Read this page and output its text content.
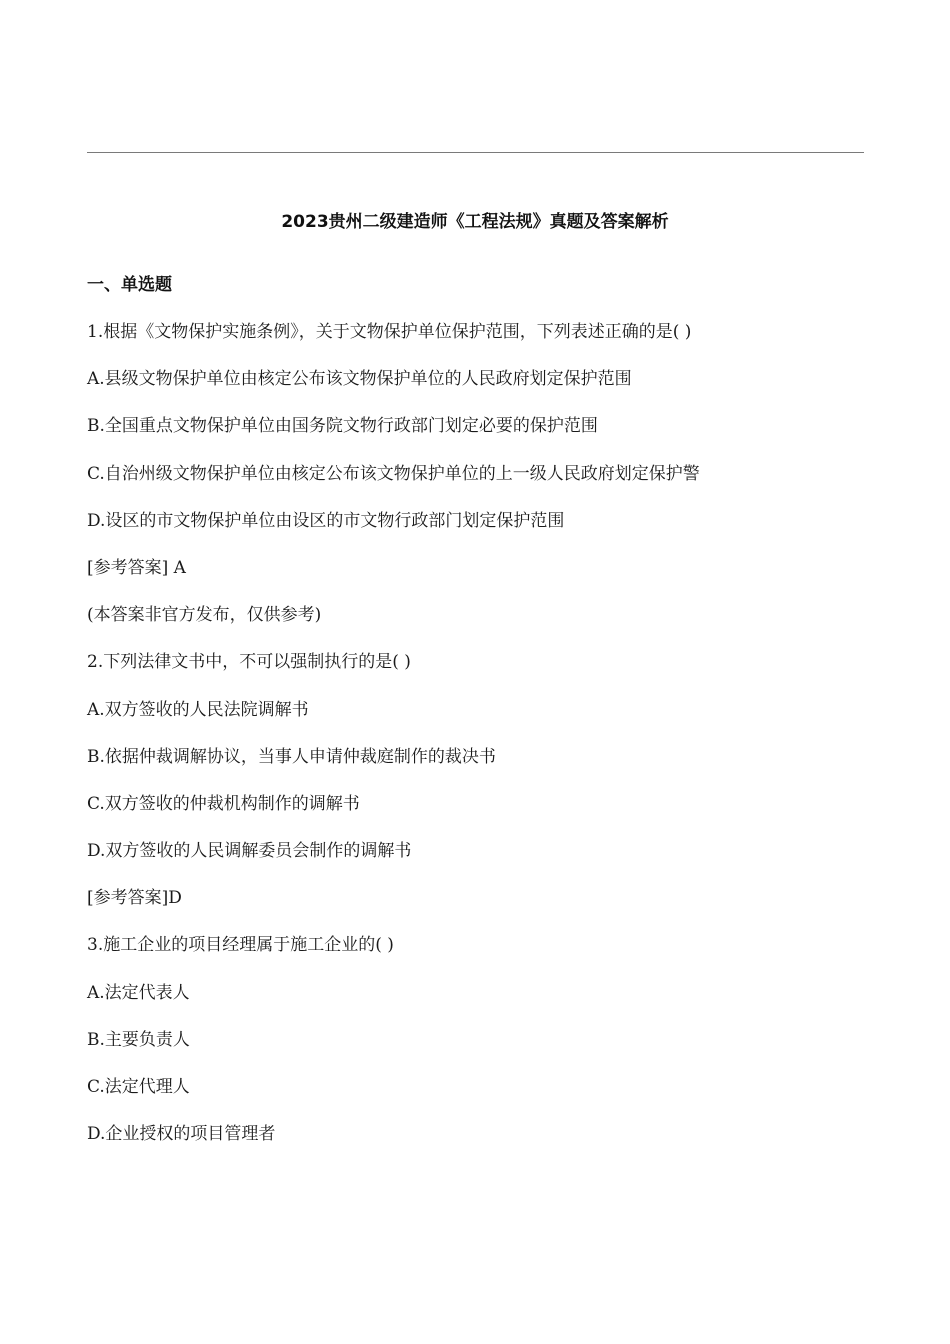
2023贵州二级建造师《工程法规》真题及答案解析
一、单选题
1.根据《文物保护实施条例》，关于文物保护单位保护范围，下列表述正确的是( )
A.县级文物保护单位由核定公布该文物保护单位的人民政府划定保护范围
B.全国重点文物保护单位由国务院文物行政部门划定必要的保护范围
C.自治州级文物保护单位由核定公布该文物保护单位的上一级人民政府划定保护警
D.设区的市文物保护单位由设区的市文物行政部门划定保护范围
[参考答案] A
(本答案非官方发布，仅供参考)
2.下列法律文书中，不可以强制执行的是( )
A.双方签收的人民法院调解书
B.依据仲裁调解协议，当事人申请仲裁庭制作的裁决书
C.双方签收的仲裁机构制作的调解书
D.双方签收的人民调解委员会制作的调解书
[参考答案]D
3.施工企业的项目经理属于施工企业的( )
A.法定代表人
B.主要负责人
C.法定代理人
D.企业授权的项目管理者
